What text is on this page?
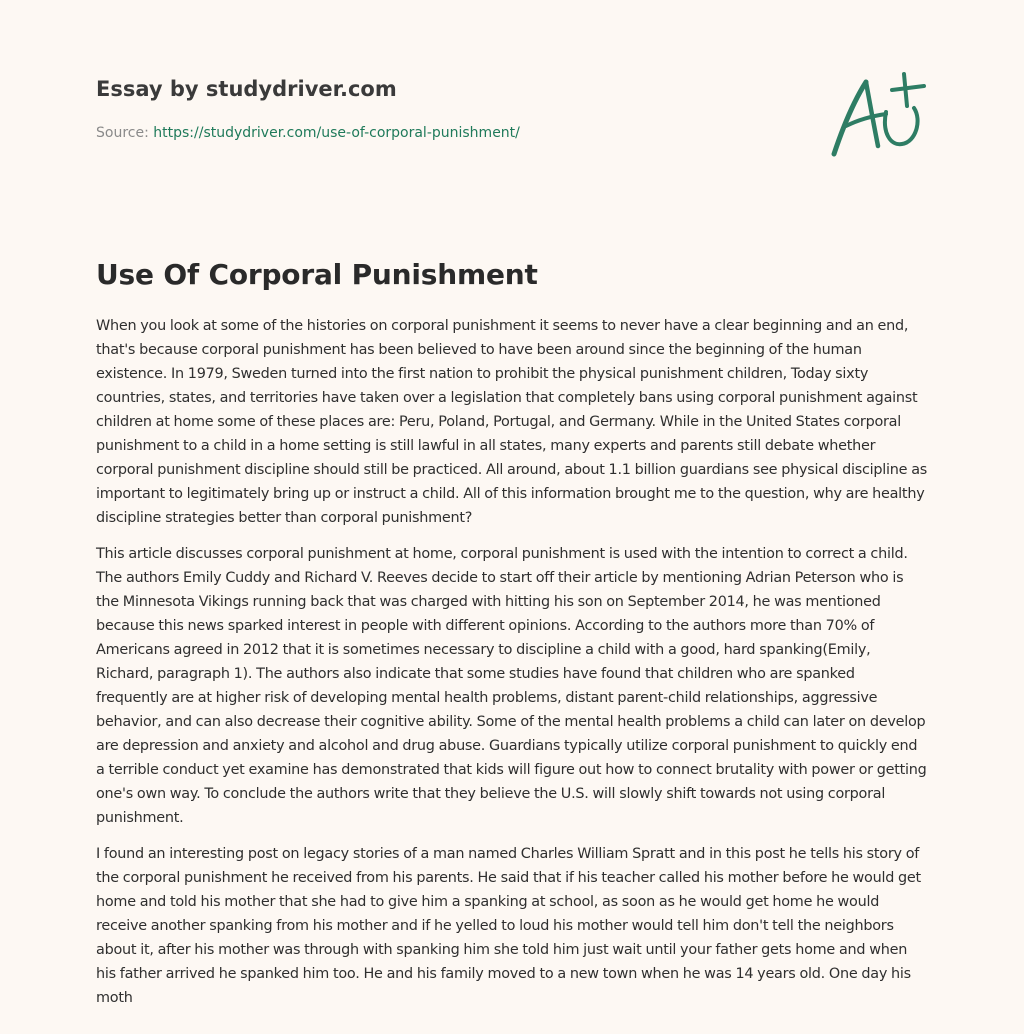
Essay by studydriver.com
Source: https://studydriver.com/use-of-corporal-punishment/
Use Of Corporal Punishment

When you look at some of the histories on corporal punishment it seems to never have a clear beginning and an end, that's because corporal punishment has been believed to have been around since the beginning of the human existence. In 1979, Sweden turned into the first nation to prohibit the physical punishment children, Today sixty countries, states, and territories have taken over a legislation that completely bans using corporal punishment against children at home some of these places are: Peru, Poland, Portugal, and Germany. While in the United States corporal punishment to a child in a home setting is still lawful in all states, many experts and parents still debate whether corporal punishment discipline should still be practiced. All around, about 1.1 billion guardians see physical discipline as important to legitimately bring up or instruct a child. All of this information brought me to the question, why are healthy discipline strategies better than corporal punishment?

This article discusses corporal punishment at home, corporal punishment is used with the intention to correct a child. The authors Emily Cuddy and Richard V. Reeves decide to start off their article by mentioning Adrian Peterson who is the Minnesota Vikings running back that was charged with hitting his son on September 2014, he was mentioned because this news sparked interest in people with different opinions. According to the authors more than 70% of Americans agreed in 2012 that it is sometimes necessary to discipline a child with a good, hard spanking(Emily, Richard, paragraph 1). The authors also indicate that some studies have found that children who are spanked frequently are at higher risk of developing mental health problems, distant parent-child relationships, aggressive behavior, and can also decrease their cognitive ability. Some of the mental health problems a child can later on develop are depression and anxiety and alcohol and drug abuse. Guardians typically utilize corporal punishment to quickly end a terrible conduct yet examine has demonstrated that kids will figure out how to connect brutality with power or getting one's own way. To conclude the authors write that they believe the U.S. will slowly shift towards not using corporal punishment.

I found an interesting post on legacy stories of a man named Charles William Spratt and in this post he tells his story of the corporal punishment he received from his parents. He said that if his teacher called his mother before he would get home and told his mother that she had to give him a spanking at school, as soon as he would get home he would receive another spanking from his mother and if he yelled to loud his mother would tell him don't tell the neighbors about it, after his mother was through with spanking him she told him just wait until your father gets home and when his father arrived he spanked him too. He and his family moved to a new town when he was 14 years old. One day his moth
